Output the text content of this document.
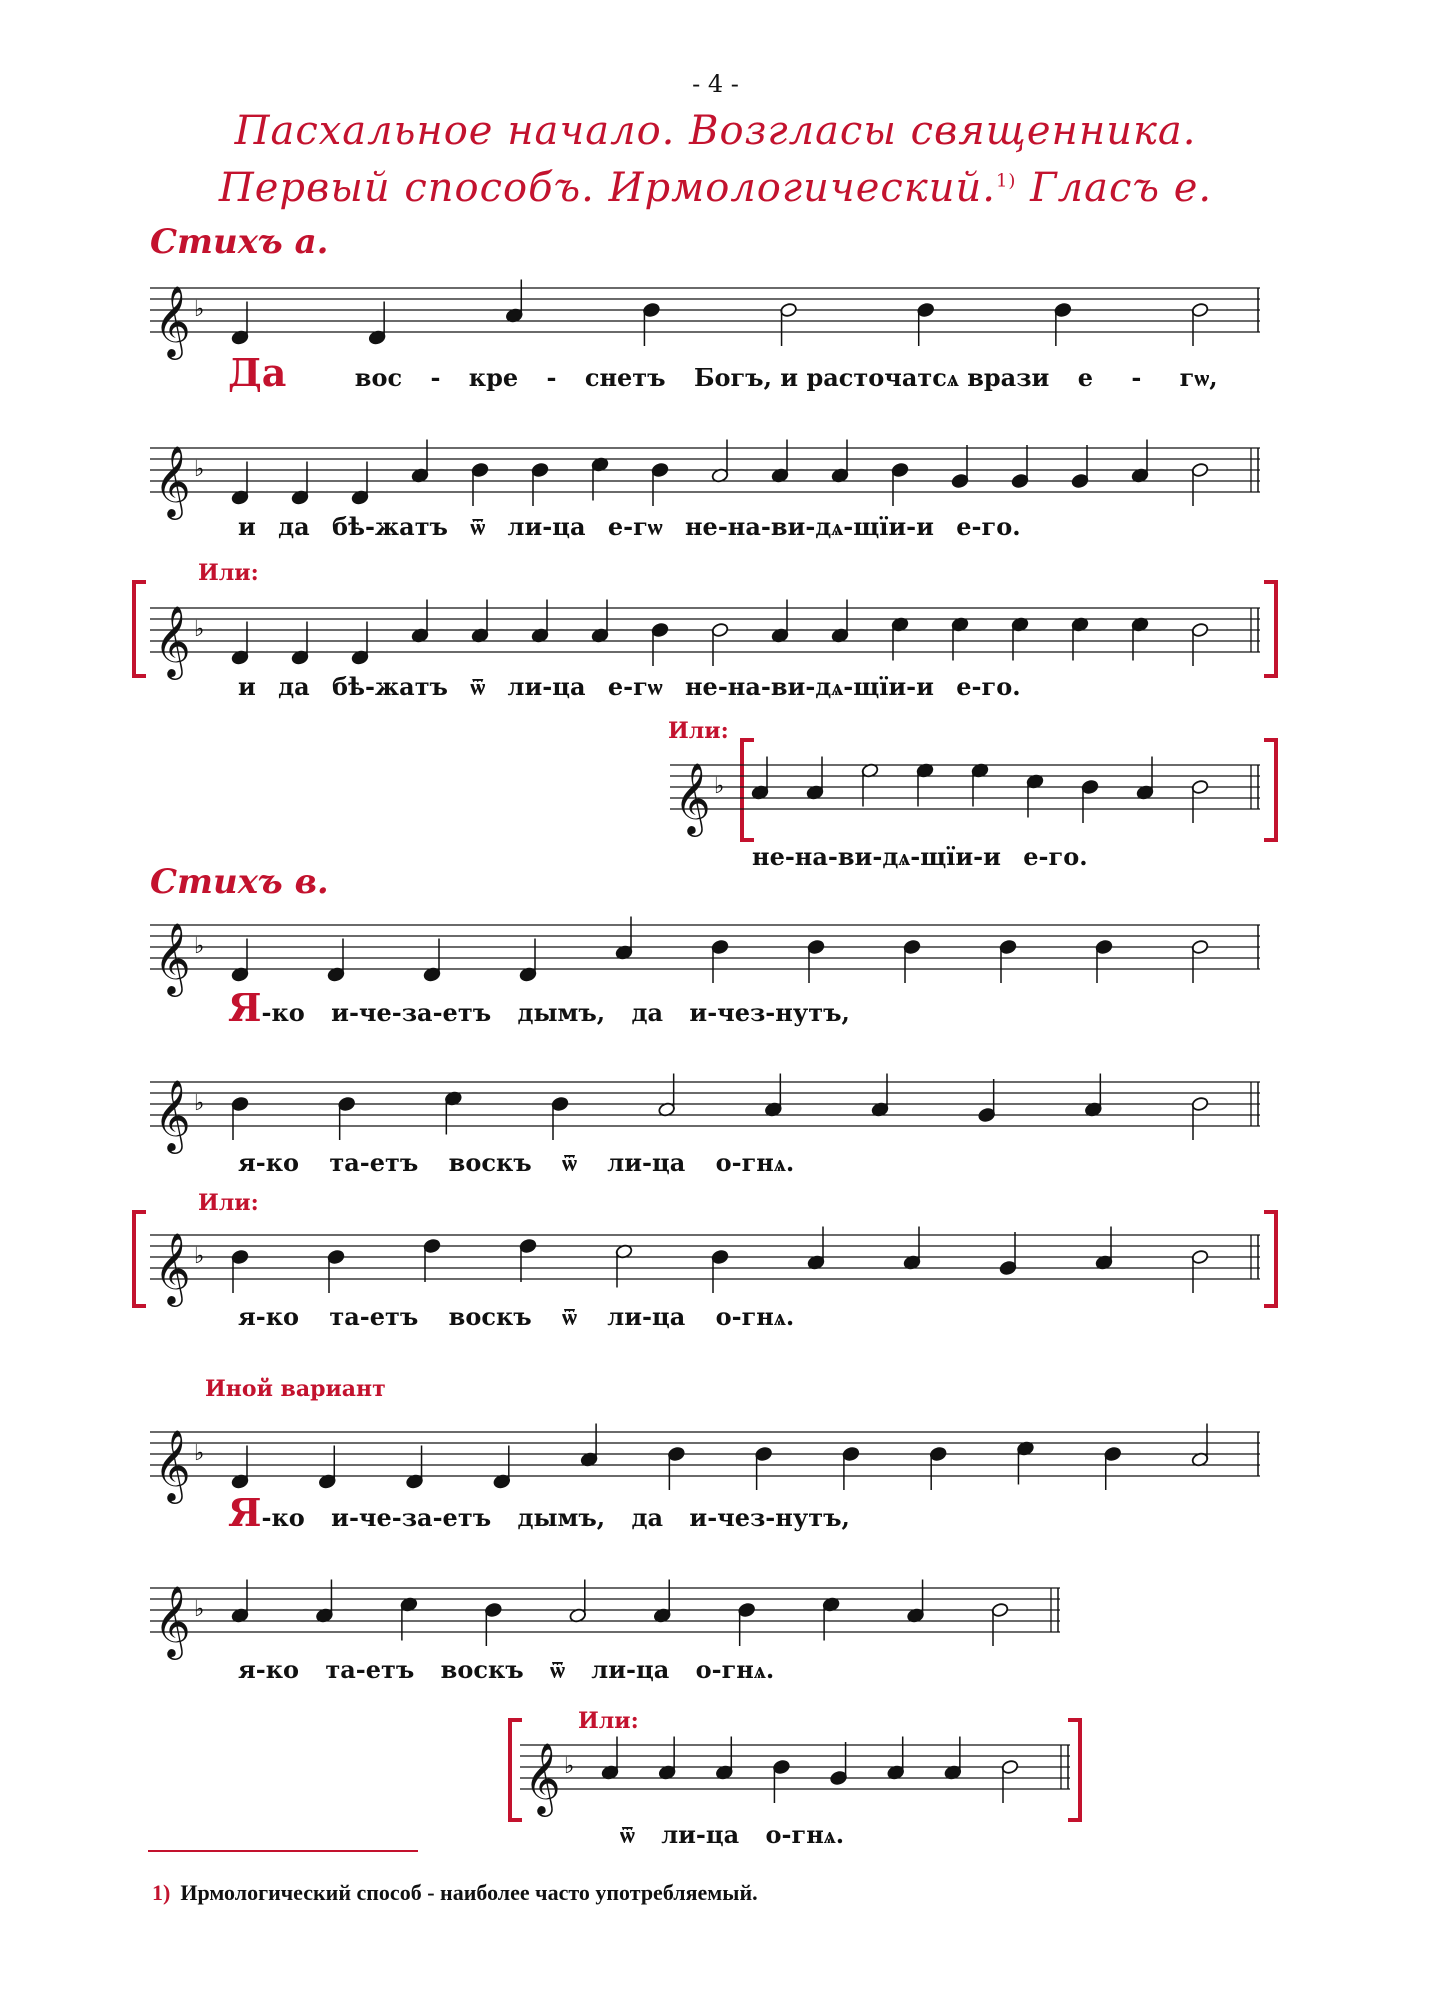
- 4 -
Пасхальное начало. Возгласы священника.
Первый способъ. Ирмологический.$^{1)}$ Гласъ е.
Стихъ а.
𝄞 ♭
Да	вос - кре - снетъ Богъ, и расточатсѧ врази е - гѡ,
𝄞 ♭
и да бѣ-жатъ ѿ ли-ца е-гѡ не-на-ви-дѧ-щїи-и е-го.
Или:
𝄞 ♭
и да бѣ-жатъ ѿ ли-ца е-гѡ не-на-ви-дѧ-щїи-и е-го.
Или:
𝄞 ♭
не-на-ви-дѧ-щїи-и е-го.
Стихъ в.
𝄞 ♭
Я-ко и-че-за-етъ дымъ, да и-чез-нутъ,
𝄞 ♭
я-ко та-етъ воскъ ѿ ли-ца о-гнѧ.
Или:
𝄞 ♭
я-ко та-етъ воскъ ѿ ли-ца о-гнѧ.
Иной вариант
𝄞 ♭
Я-ко и-че-за-етъ дымъ, да и-чез-нутъ,
𝄞 ♭
я-ко та-етъ воскъ ѿ ли-ца о-гнѧ.
Или:
𝄞 ♭
ѿ ли-ца о-гнѧ.
1) Ирмологический способ - наиболее часто употребляемый.
